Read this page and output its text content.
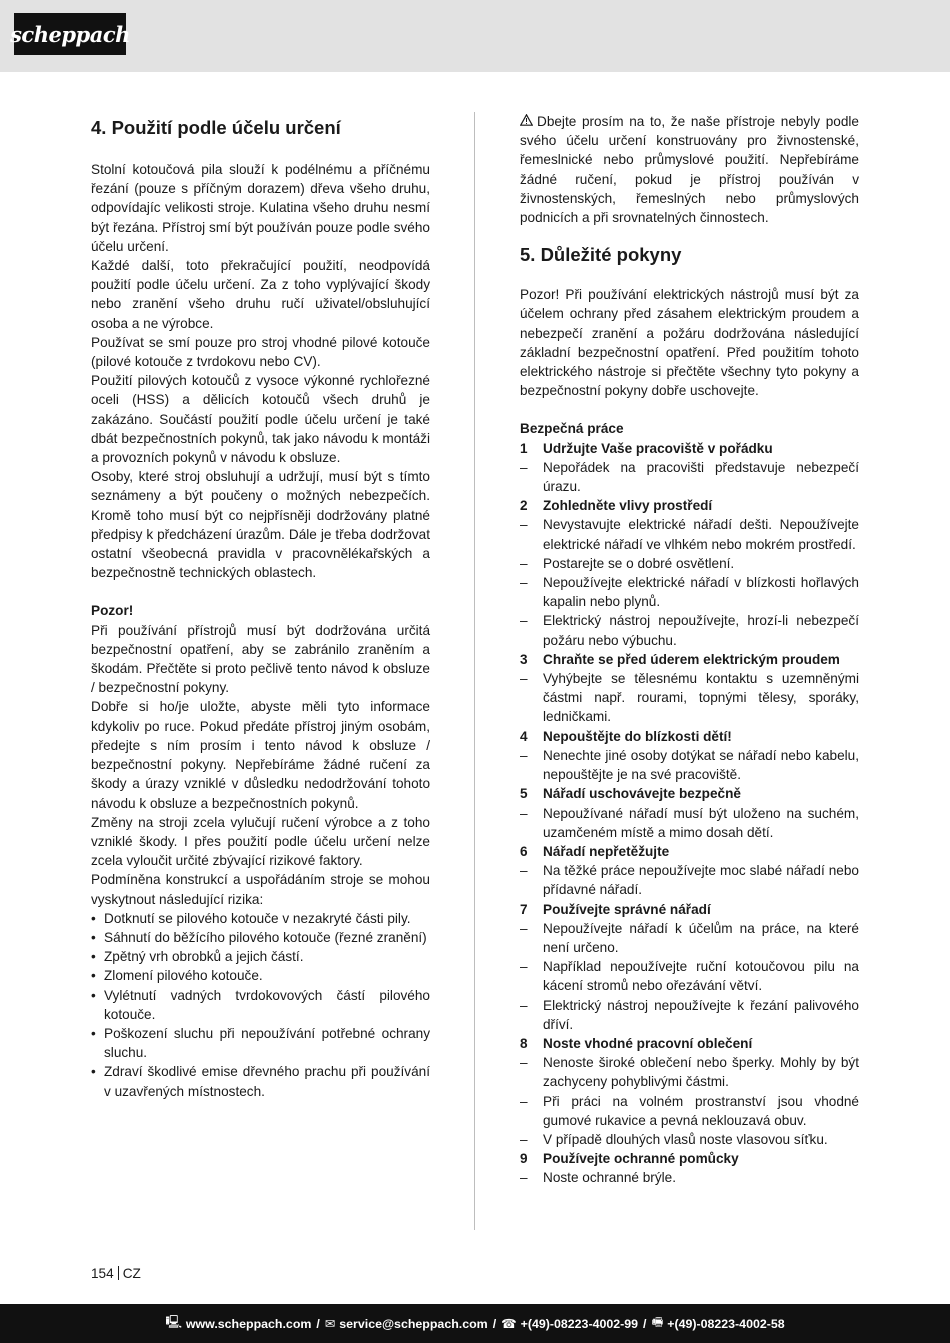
scheppach
4. Použití podle účelu určení

Stolní kotoučová pila slouží k podélnému a příčnému řezání (pouze s příčným dorazem) dřeva všeho druhu, odpovídajíc velikosti stroje. Kulatina všeho druhu nesmí být řezána. Přístroj smí být používán pouze podle svého účelu určení.

Každé další, toto překračující použití, neodpovídá použití podle účelu určení. Za z toho vyplývající škody nebo zranění všeho druhu ručí uživatel/obsluhující osoba a ne výrobce.

Používat se smí pouze pro stroj vhodné pilové kotouče (pilové kotouče z tvrdokovu nebo CV).

Použití pilových kotoučů z vysoce výkonné rychlořezné oceli (HSS) a dělicích kotoučů všech druhů je zakázáno. Součástí použití podle účelu určení je také dbát bezpečnostních pokynů, tak jako návodu k montáži a provozních pokynů v návodu k obsluze.

Osoby, které stroj obsluhují a udržují, musí být s tímto seznámeny a být poučeny o možných nebezpečích. Kromě toho musí být co nejpřísněji dodržovány platné předpisy k předcházení úrazům. Dále je třeba dodržovat ostatní všeobecná pravidla v pracovnělékařských a bezpečnostně technických oblastech.

Pozor!

Při používání přístrojů musí být dodržována určitá bezpečnostní opatření, aby se zabránilo zraněním a škodám. Přečtěte si proto pečlivě tento návod k obsluze / bezpečnostní pokyny.

Dobře si ho/je uložte, abyste měli tyto informace kdykoliv po ruce. Pokud předáte přístroj jiným osobám, předejte s ním prosím i tento návod k obsluze / bezpečnostní pokyny. Nepřebíráme žádné ručení za škody a úrazy vzniklé v důsledku nedodržování tohoto návodu k obsluze a bezpečnostních pokynů.

Změny na stroji zcela vylučují ručení výrobce a z toho vzniklé škody. I přes použití podle účelu určení nelze zcela vyloučit určité zbývající rizikové faktory.

Podmíněna konstrukcí a uspořádáním stroje se mohou vyskytnout následující rizika:

• Dotknutí se pilového kotouče v nezakryté části pily.
• Sáhnutí do běžícího pilového kotouče (řezné zranění)
• Zpětný vrh obrobků a jejich částí.
• Zlomení pilového kotouče.
• Vylétnutí vadných tvrdokovových částí pilového kotouče.
• Poškození sluchu při nepoužívání potřebné ochrany sluchu.
• Zdraví škodlivé emise dřevného prachu při používání v uzavřených místnostech.

Dbejte prosím na to, že naše přístroje nebyly podle svého účelu určení konstruovány pro živnostenské, řemeslnické nebo průmyslové použití. Nepřebíráme žádné ručení, pokud je přístroj používán v živnostenských, řemeslných nebo průmyslových podnicích a při srovnatelných činnostech.

5. Důležité pokyny

Pozor! Při používání elektrických nástrojů musí být za účelem ochrany před zásahem elektrickým proudem a nebezpečí zranění a požáru dodržována následující základní bezpečnostní opatření. Před použitím tohoto elektrického nástroje si přečtěte všechny tyto pokyny a bezpečnostní pokyny dobře uschovejte.

Bezpečná práce

1	Udržujte Vaše pracoviště v pořádku
–	Nepořádek na pracovišti představuje nebezpečí úrazu.
2	Zohledněte vlivy prostředí
–	Nevystavujte elektrické nářadí dešti. Nepoužívejte elektrické nářadí ve vlhkém nebo mokrém prostředí.
–	Postarejte se o dobré osvětlení.
–	Nepoužívejte elektrické nářadí v blízkosti hořlavých kapalin nebo plynů.
–	Elektrický nástroj nepoužívejte, hrozí-li nebezpečí požáru nebo výbuchu.
3	Chraňte se před úderem elektrickým proudem
–	Vyhýbejte se tělesnému kontaktu s uzemněnými částmi např. rourami, topnými tělesy, sporáky, ledničkami.
4	Nepouštějte do blízkosti dětí!
–	Nenechte jiné osoby dotýkat se nářadí nebo kabelu, nepouštějte je na své pracoviště.
5	Nářadí uschovávejte bezpečně
–	Nepoužívané nářadí musí být uloženo na suchém, uzamčeném místě a mimo dosah dětí.
6	Nářadí nepřetěžujte
–	Na těžké práce nepoužívejte moc slabé nářadí nebo přídavné nářadí.
7	Používejte správné nářadí
–	Nepoužívejte nářadí k účelům na práce, na které není určeno.
–	Například nepoužívejte ruční kotoučovou pilu na kácení stromů nebo ořezávání větví.
–	Elektrický nástroj nepoužívejte k řezání palivového dříví.
8	Noste vhodné pracovní oblečení
–	Nenoste široké oblečení nebo šperky. Mohly by být zachyceny pohyblivými částmi.
–	Při práci na volném prostranství jsou vhodné gumové rukavice a pevná neklouzavá obuv.
–	V případě dlouhých vlasů noste vlasovou síťku.
9	Používejte ochranné pomůcky
–	Noste ochranné brýle.
154 CZ
🖳 www.scheppach.com / ✉ service@scheppach.com / ☎ +(49)-08223-4002-99 / 🖷 +(49)-08223-4002-58
